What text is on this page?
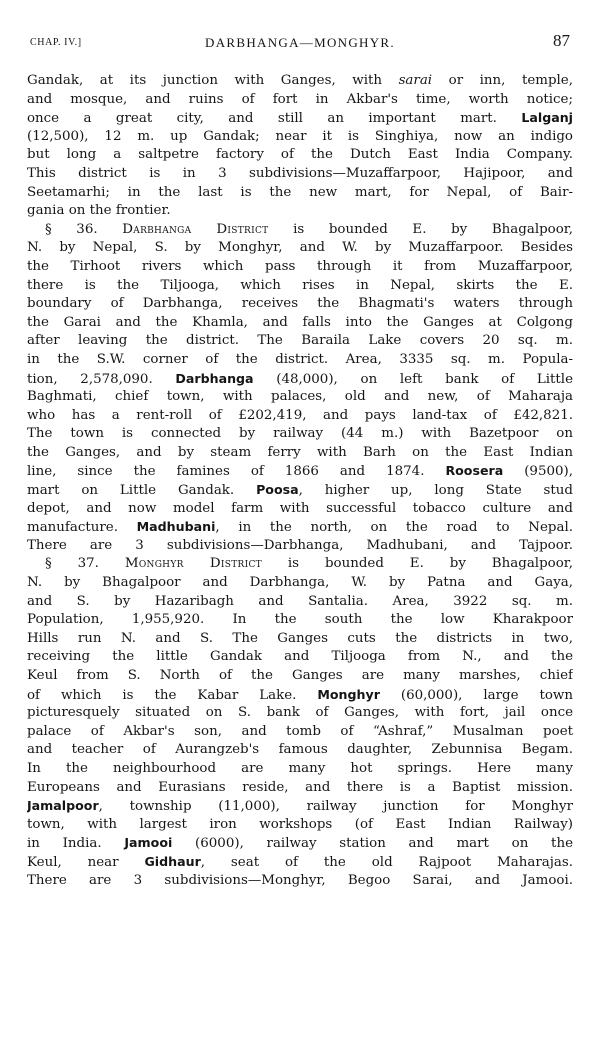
CHAP. IV.]	DARBHANGA—MONGHYR.	87
Gandak, at its junction with Ganges, with sarai or inn, temple,
and mosque, and ruins of fort in Akbar's time, worth notice;
once a great city, and still an important mart. Lalganj
(12,500), 12 m. up Gandak; near it is Singhiya, now an indigo
but long a saltpetre factory of the Dutch East India Company.
This district is in 3 subdivisions—Muzaffarpoor, Hajipoor, and
Seetamarhi; in the last is the new mart, for Nepal, of Bair-
gania on the frontier.
§ 36. Darbhanga District is bounded E. by Bhagalpoor,
N. by Nepal, S. by Monghyr, and W. by Muzaffarpoor. Besides
the Tirhoot rivers which pass through it from Muzaffarpoor,
there is the Tiljooga, which rises in Nepal, skirts the E.
boundary of Darbhanga, receives the Bhagmati's waters through
the Garai and the Khamla, and falls into the Ganges at Colgong
after leaving the district. The Baraila Lake covers 20 sq. m.
in the S.W. corner of the district. Area, 3335 sq. m. Popula-
tion, 2,578,090. Darbhanga (48,000), on left bank of Little
Baghmati, chief town, with palaces, old and new, of Maharaja
who has a rent-roll of £202,419, and pays land-tax of £42,821.
The town is connected by railway (44 m.) with Bazetpoor on
the Ganges, and by steam ferry with Barh on the East Indian
line, since the famines of 1866 and 1874. Roosera (9500),
mart on Little Gandak. Poosa, higher up, long State stud
depot, and now model farm with successful tobacco culture and
manufacture. Madhubani, in the north, on the road to Nepal.
There are 3 subdivisions—Darbhanga, Madhubani, and Tajpoor.
§ 37. Monghyr District is bounded E. by Bhagalpoor,
N. by Bhagalpoor and Darbhanga, W. by Patna and Gaya,
and S. by Hazaribagh and Santalia. Area, 3922 sq. m.
Population, 1,955,920. In the south the low Kharakpoor
Hills run N. and S. The Ganges cuts the districts in two,
receiving the little Gandak and Tiljooga from N., and the
Keul from S. North of the Ganges are many marshes, chief
of which is the Kabar Lake. Monghyr (60,000), large town
picturesquely situated on S. bank of Ganges, with fort, jail once
palace of Akbar's son, and tomb of “Ashraf,” Musalman poet
and teacher of Aurangzeb's famous daughter, Zebunnisa Begam.
In the neighbourhood are many hot springs. Here many
Europeans and Eurasians reside, and there is a Baptist mission.
Jamalpoor, township (11,000), railway junction for Monghyr
town, with largest iron workshops (of East Indian Railway)
in India. Jamooi (6000), railway station and mart on the
Keul, near Gidhaur, seat of the old Rajpoot Maharajas.
There are 3 subdivisions—Monghyr, Begoo Sarai, and Jamooi.
